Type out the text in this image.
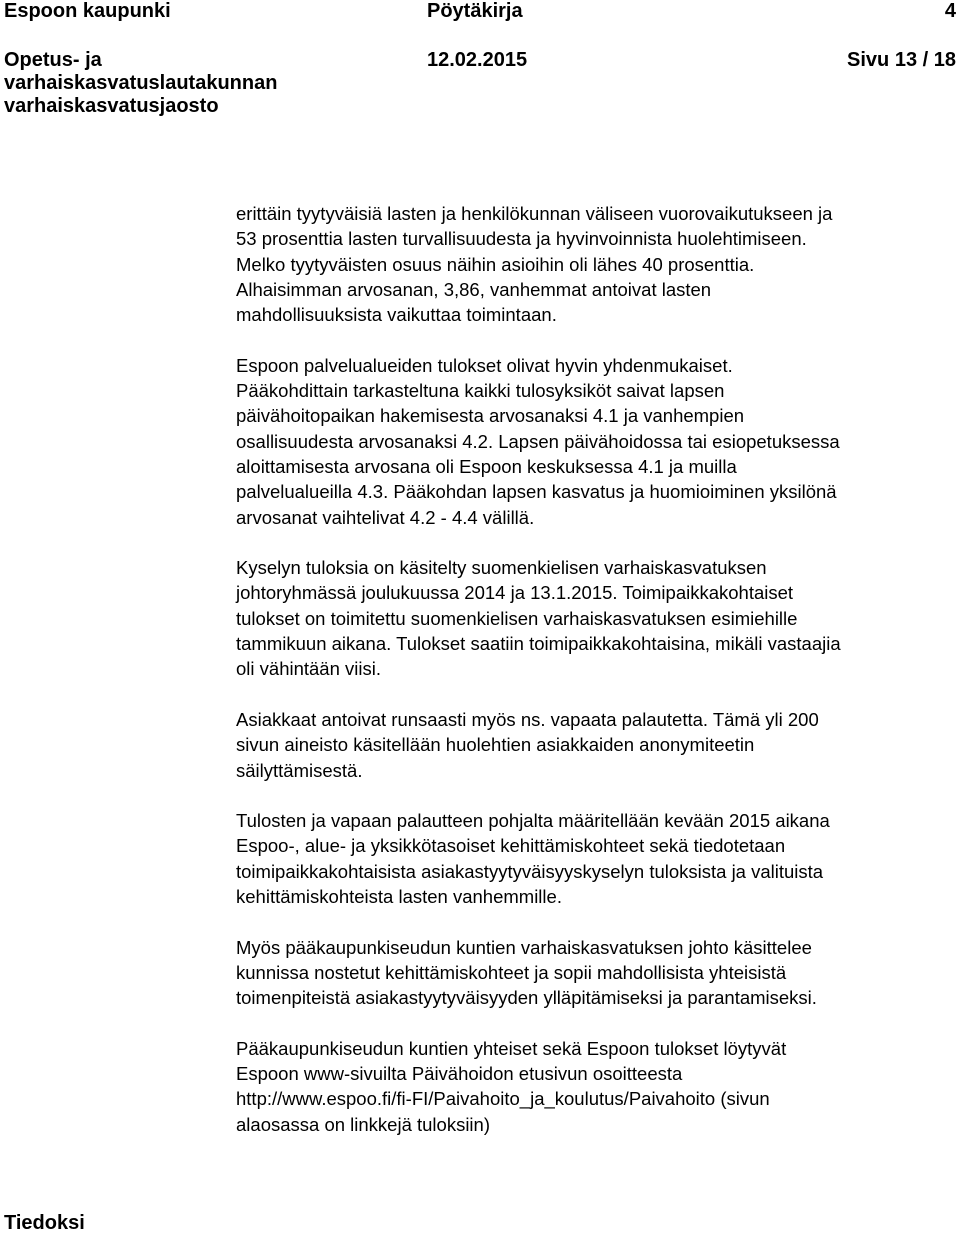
Espoon kaupunki	Pöytäkirja	4
Opetus- ja
varhaiskasvatuslautakunnan
varhaiskasvatusjaosto
12.02.2015	Sivu 13 / 18

erittäin tyytyväisiä lasten ja henkilökunnan väliseen vuorovaikutukseen ja
53 prosenttia lasten turvallisuudesta ja hyvinvoinnista huolehtimiseen.
Melko tyytyväisten osuus näihin asioihin oli lähes 40 prosenttia.
Alhaisimman arvosanan, 3,86, vanhemmat antoivat lasten
mahdollisuuksista vaikuttaa toimintaan.

Espoon palvelualueiden tulokset olivat hyvin yhdenmukaiset.
Pääkohdittain tarkasteltuna kaikki tulosyksiköt saivat lapsen
päivähoitopaikan hakemisesta arvosanaksi 4.1 ja vanhempien
osallisuudesta arvosanaksi 4.2. Lapsen päivähoidossa tai esiopetuksessa
aloittamisesta arvosana oli Espoon keskuksessa 4.1 ja muilla
palvelualueilla 4.3. Pääkohdan lapsen kasvatus ja huomioiminen yksilönä
arvosanat vaihtelivat 4.2 - 4.4 välillä.

Kyselyn tuloksia on käsitelty suomenkielisen varhaiskasvatuksen
johtoryhmässä joulukuussa 2014 ja 13.1.2015. Toimipaikkakohtaiset
tulokset on toimitettu suomenkielisen varhaiskasvatuksen esimiehille
tammikuun aikana. Tulokset saatiin toimipaikkakohtaisina, mikäli vastaajia
oli vähintään viisi.

Asiakkaat antoivat runsaasti myös ns. vapaata palautetta. Tämä yli 200
sivun aineisto käsitellään huolehtien asiakkaiden anonymiteetin
säilyttämisestä.

Tulosten ja vapaan palautteen pohjalta määritellään kevään 2015 aikana
Espoo-, alue- ja yksikkötasoiset kehittämiskohteet sekä tiedotetaan
toimipaikkakohtaisista asiakastyytyväisyyskyselyn tuloksista ja valituista
kehittämiskohteista lasten vanhemmille.

Myös pääkaupunkiseudun kuntien varhaiskasvatuksen johto käsittelee
kunnissa nostetut kehittämiskohteet ja sopii mahdollisista yhteisistä
toimenpiteistä asiakastyytyväisyyden ylläpitämiseksi ja parantamiseksi.

Pääkaupunkiseudun kuntien yhteiset sekä Espoon tulokset löytyvät
Espoon www-sivuilta Päivähoidon etusivun osoitteesta
http://www.espoo.fi/fi-FI/Paivahoito_ja_koulutus/Paivahoito (sivun
alaosassa on linkkejä tuloksiin)

Tiedoksi
